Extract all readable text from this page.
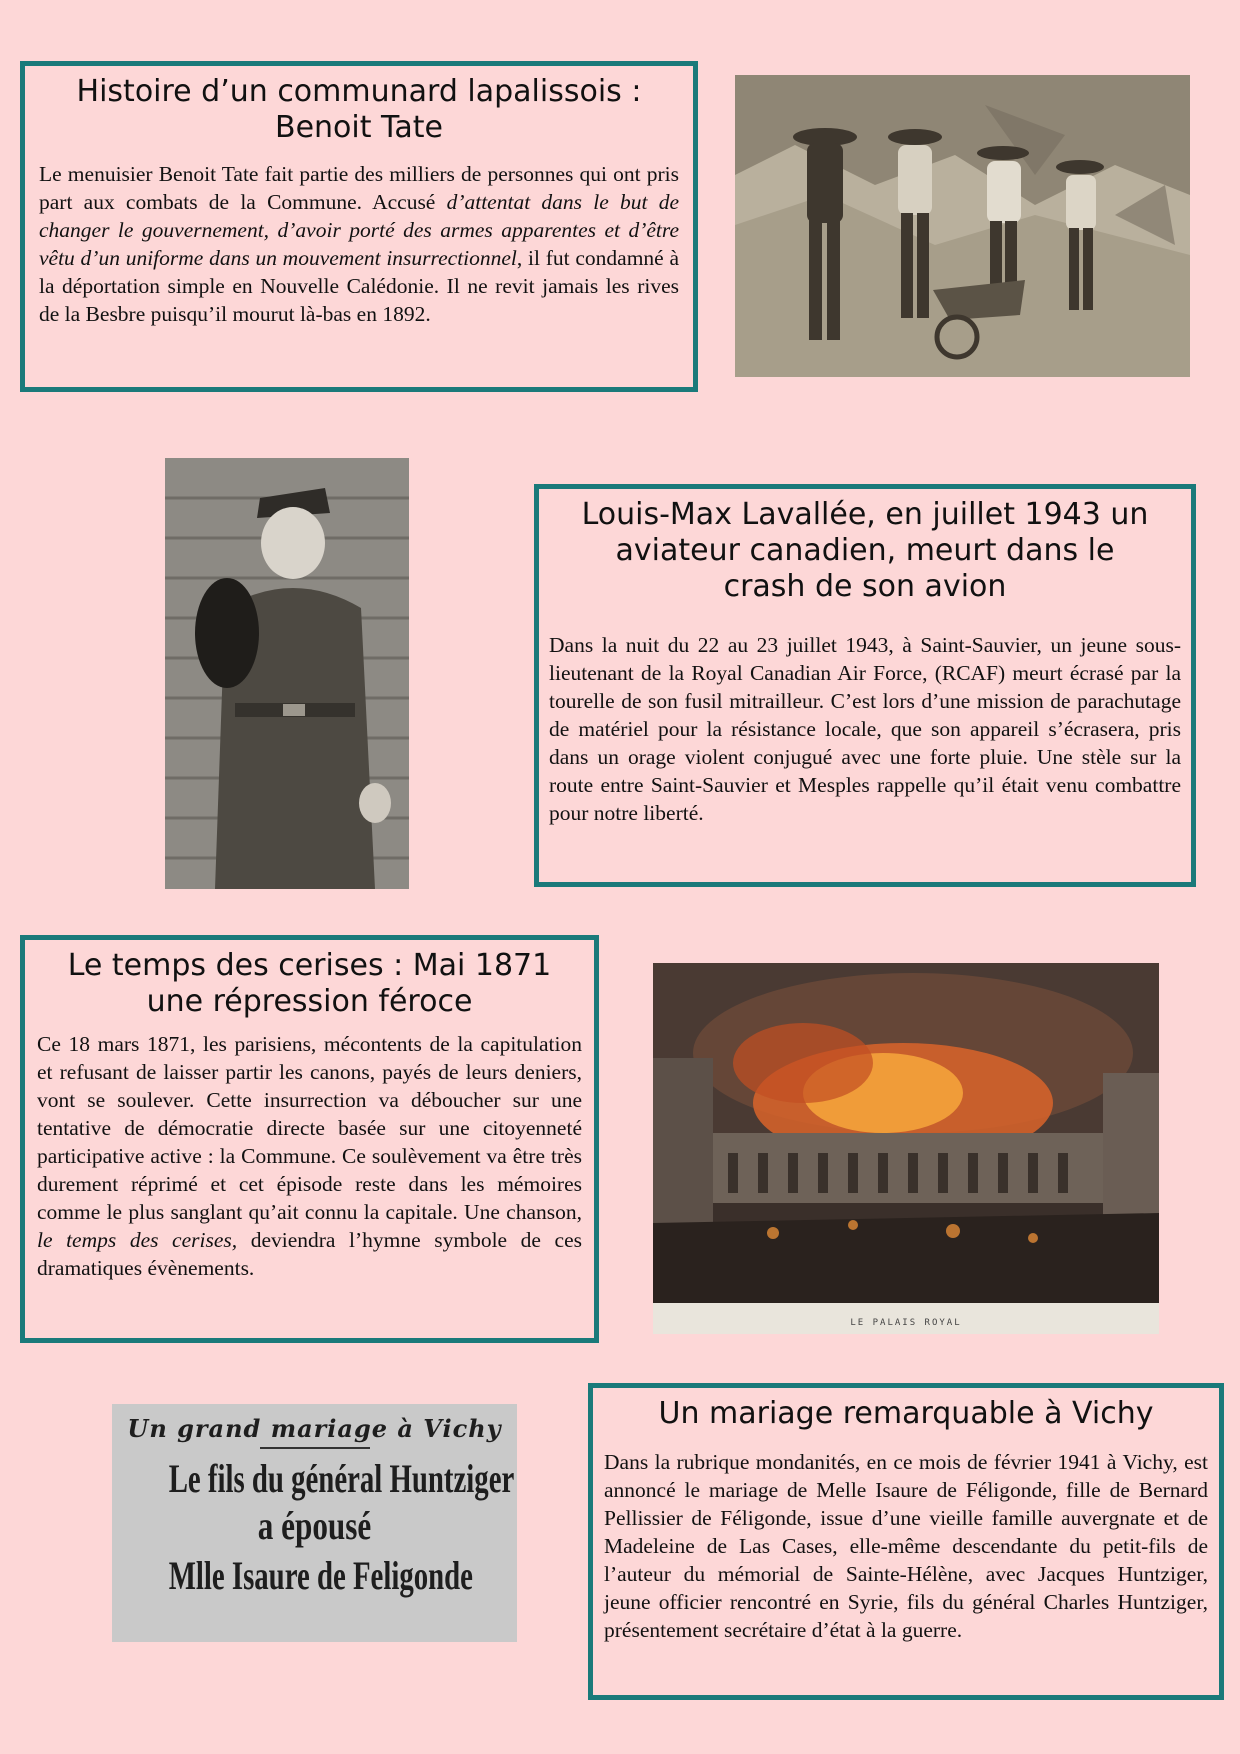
Histoire d’un communard lapalissois :
Benoit Tate

Le menuisier Benoit Tate fait partie des milliers de personnes qui ont pris part aux combats de la Commune. Accusé d’attentat dans le but de changer le gouvernement, d’avoir porté des armes apparentes et d’être vêtu d’un uniforme dans un mouvement insurrectionnel, il fut condamné à la déportation simple en Nouvelle Calédonie. Il ne revit jamais les rives de la Besbre puisqu’il mourut là-bas en 1892.

Louis-Max Lavallée, en juillet 1943 un aviateur canadien, meurt dans le crash de son avion

Dans la nuit du 22 au 23 juillet 1943, à Saint-Sauvier, un jeune sous-lieutenant de la Royal Canadian Air Force, (RCAF) meurt écrasé par la tourelle de son fusil mitrailleur. C’est lors d’une mission de parachutage de matériel pour la résistance locale, que son appareil s’écrasera, pris dans un orage violent conjugué avec une forte pluie. Une stèle sur la route entre Saint-Sauvier et Mesples rappelle qu’il était venu combattre pour notre liberté.

Le temps des cerises : Mai 1871
une répression féroce

Ce 18 mars 1871, les parisiens, mécontents de la capitulation et refusant de laisser partir les canons, payés de leurs deniers, vont se soulever. Cette insurrection va déboucher sur une tentative de démocratie directe basée sur une citoyenneté participative active : la Commune. Ce soulèvement va être très durement réprimé et cet épisode reste dans les mémoires comme le plus sanglant qu’ait connu la capitale. Une chanson, le temps des cerises, deviendra l’hymne symbole de ces dramatiques évènements.

LE PALAIS ROYAL
Un grand mariage à Vichy
Le fils du général Huntziger
a épousé
Mlle Isaure de Feligonde
Un mariage remarquable à Vichy

Dans la rubrique mondanités, en ce mois de février 1941 à Vichy, est annoncé le mariage de Melle Isaure de Féligonde, fille de Bernard Pellissier de Féligonde, issue d’une vieille famille auvergnate et de Madeleine de Las Cases, elle-même descendante du petit-fils de l’auteur du mémorial de Sainte-Hélène, avec Jacques Huntziger, jeune officier rencontré en Syrie, fils du général Charles Huntziger, présentement secrétaire d’état à la guerre.
